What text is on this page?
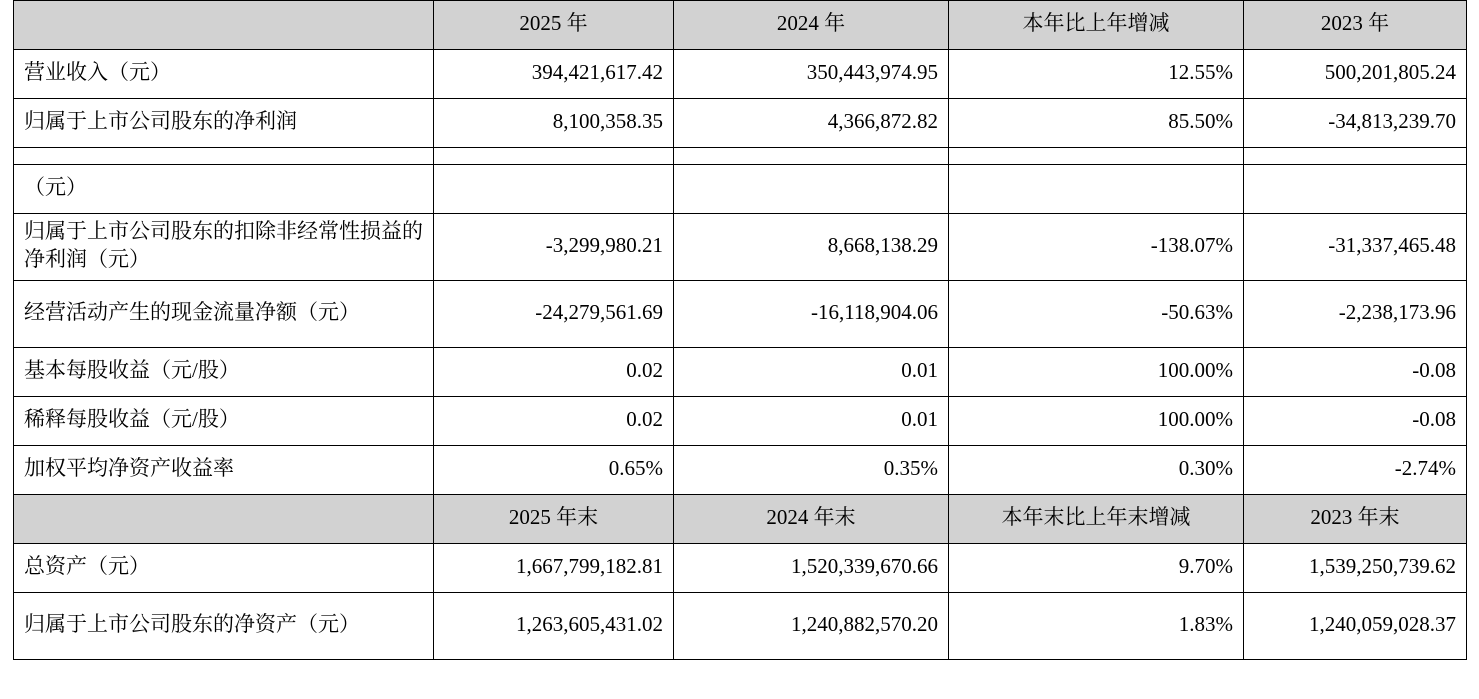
	2025 年	2024 年	本年比上年增减	2023 年
营业收入（元）	394,421,617.42	350,443,974.95	12.55%	500,201,805.24
归属于上市公司股东的净利润	8,100,358.35	4,366,872.82	85.50%	-34,813,239.70

（元）				
归属于上市公司股东的扣除非经常性损益的净利润（元）	-3,299,980.21	8,668,138.29	-138.07%	-31,337,465.48
经营活动产生的现金流量净额（元）	-24,279,561.69	-16,118,904.06	-50.63%	-2,238,173.96
基本每股收益（元/股）	0.02	0.01	100.00%	-0.08
稀释每股收益（元/股）	0.02	0.01	100.00%	-0.08
加权平均净资产收益率	0.65%	0.35%	0.30%	-2.74%
	2025 年末	2024 年末	本年末比上年末增减	2023 年末
总资产（元）	1,667,799,182.81	1,520,339,670.66	9.70%	1,539,250,739.62
归属于上市公司股东的净资产（元）	1,263,605,431.02	1,240,882,570.20	1.83%	1,240,059,028.37
